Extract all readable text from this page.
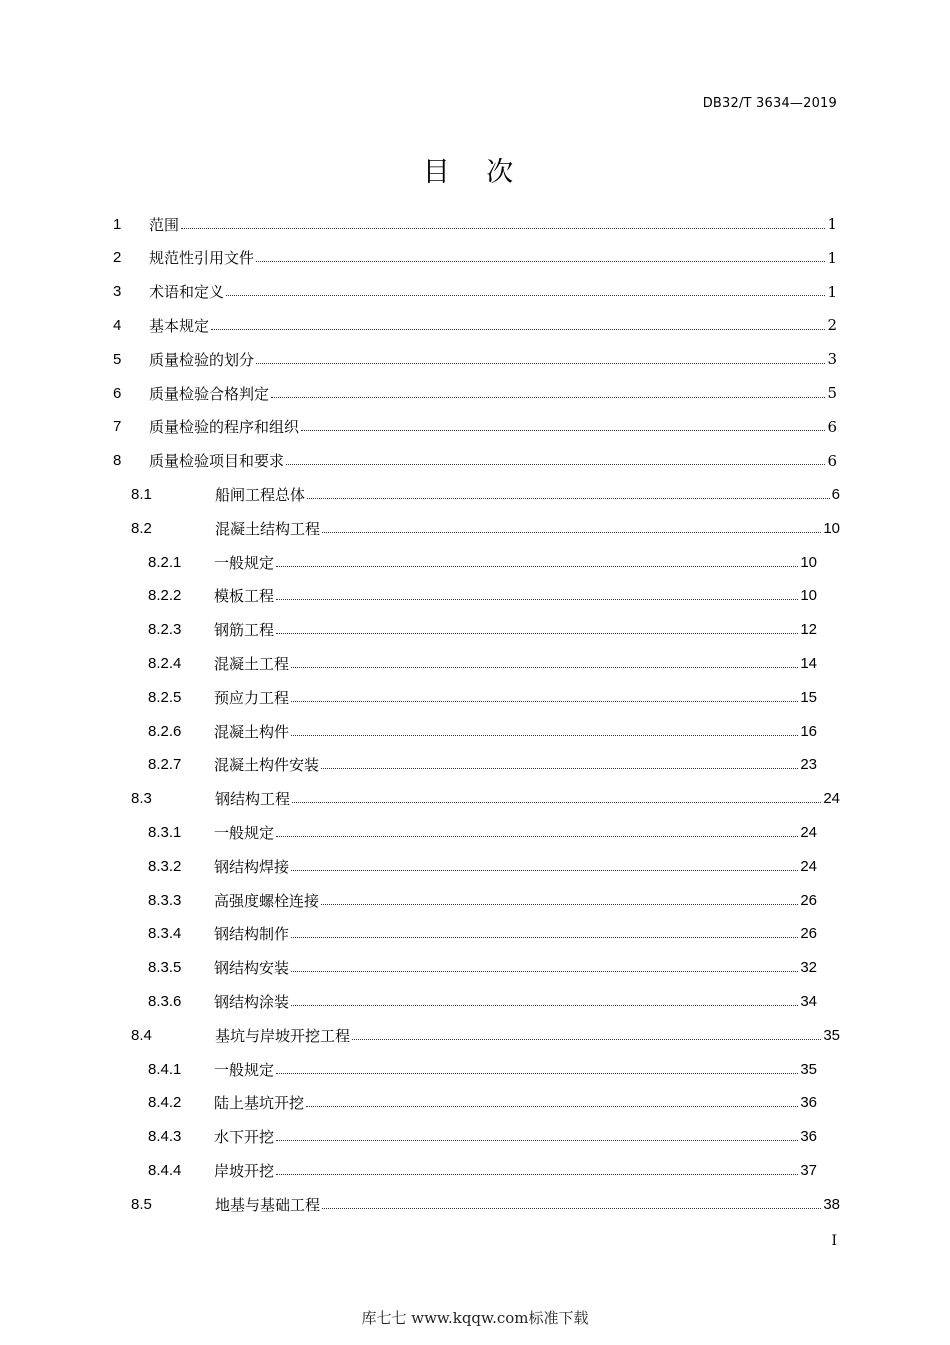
DB32/T 3634—2019
目 次
1	范围	1
2	规范性引用文件	1
3	术语和定义	1
4	基本规定	2
5	质量检验的划分	3
6	质量检验合格判定	5
7	质量检验的程序和组织	6
8	质量检验项目和要求	6
8.1	船闸工程总体	6
8.2	混凝土结构工程	10
8.2.1	一般规定	10
8.2.2	模板工程	10
8.2.3	钢筋工程	12
8.2.4	混凝土工程	14
8.2.5	预应力工程	15
8.2.6	混凝土构件	16
8.2.7	混凝土构件安装	23
8.3	钢结构工程	24
8.3.1	一般规定	24
8.3.2	钢结构焊接	24
8.3.3	高强度螺栓连接	26
8.3.4	钢结构制作	26
8.3.5	钢结构安装	32
8.3.6	钢结构涂装	34
8.4	基坑与岸坡开挖工程	35
8.4.1	一般规定	35
8.4.2	陆上基坑开挖	36
8.4.3	水下开挖	36
8.4.4	岸坡开挖	37
8.5	地基与基础工程	38
I
库七七 www.kqqw.com标准下载
